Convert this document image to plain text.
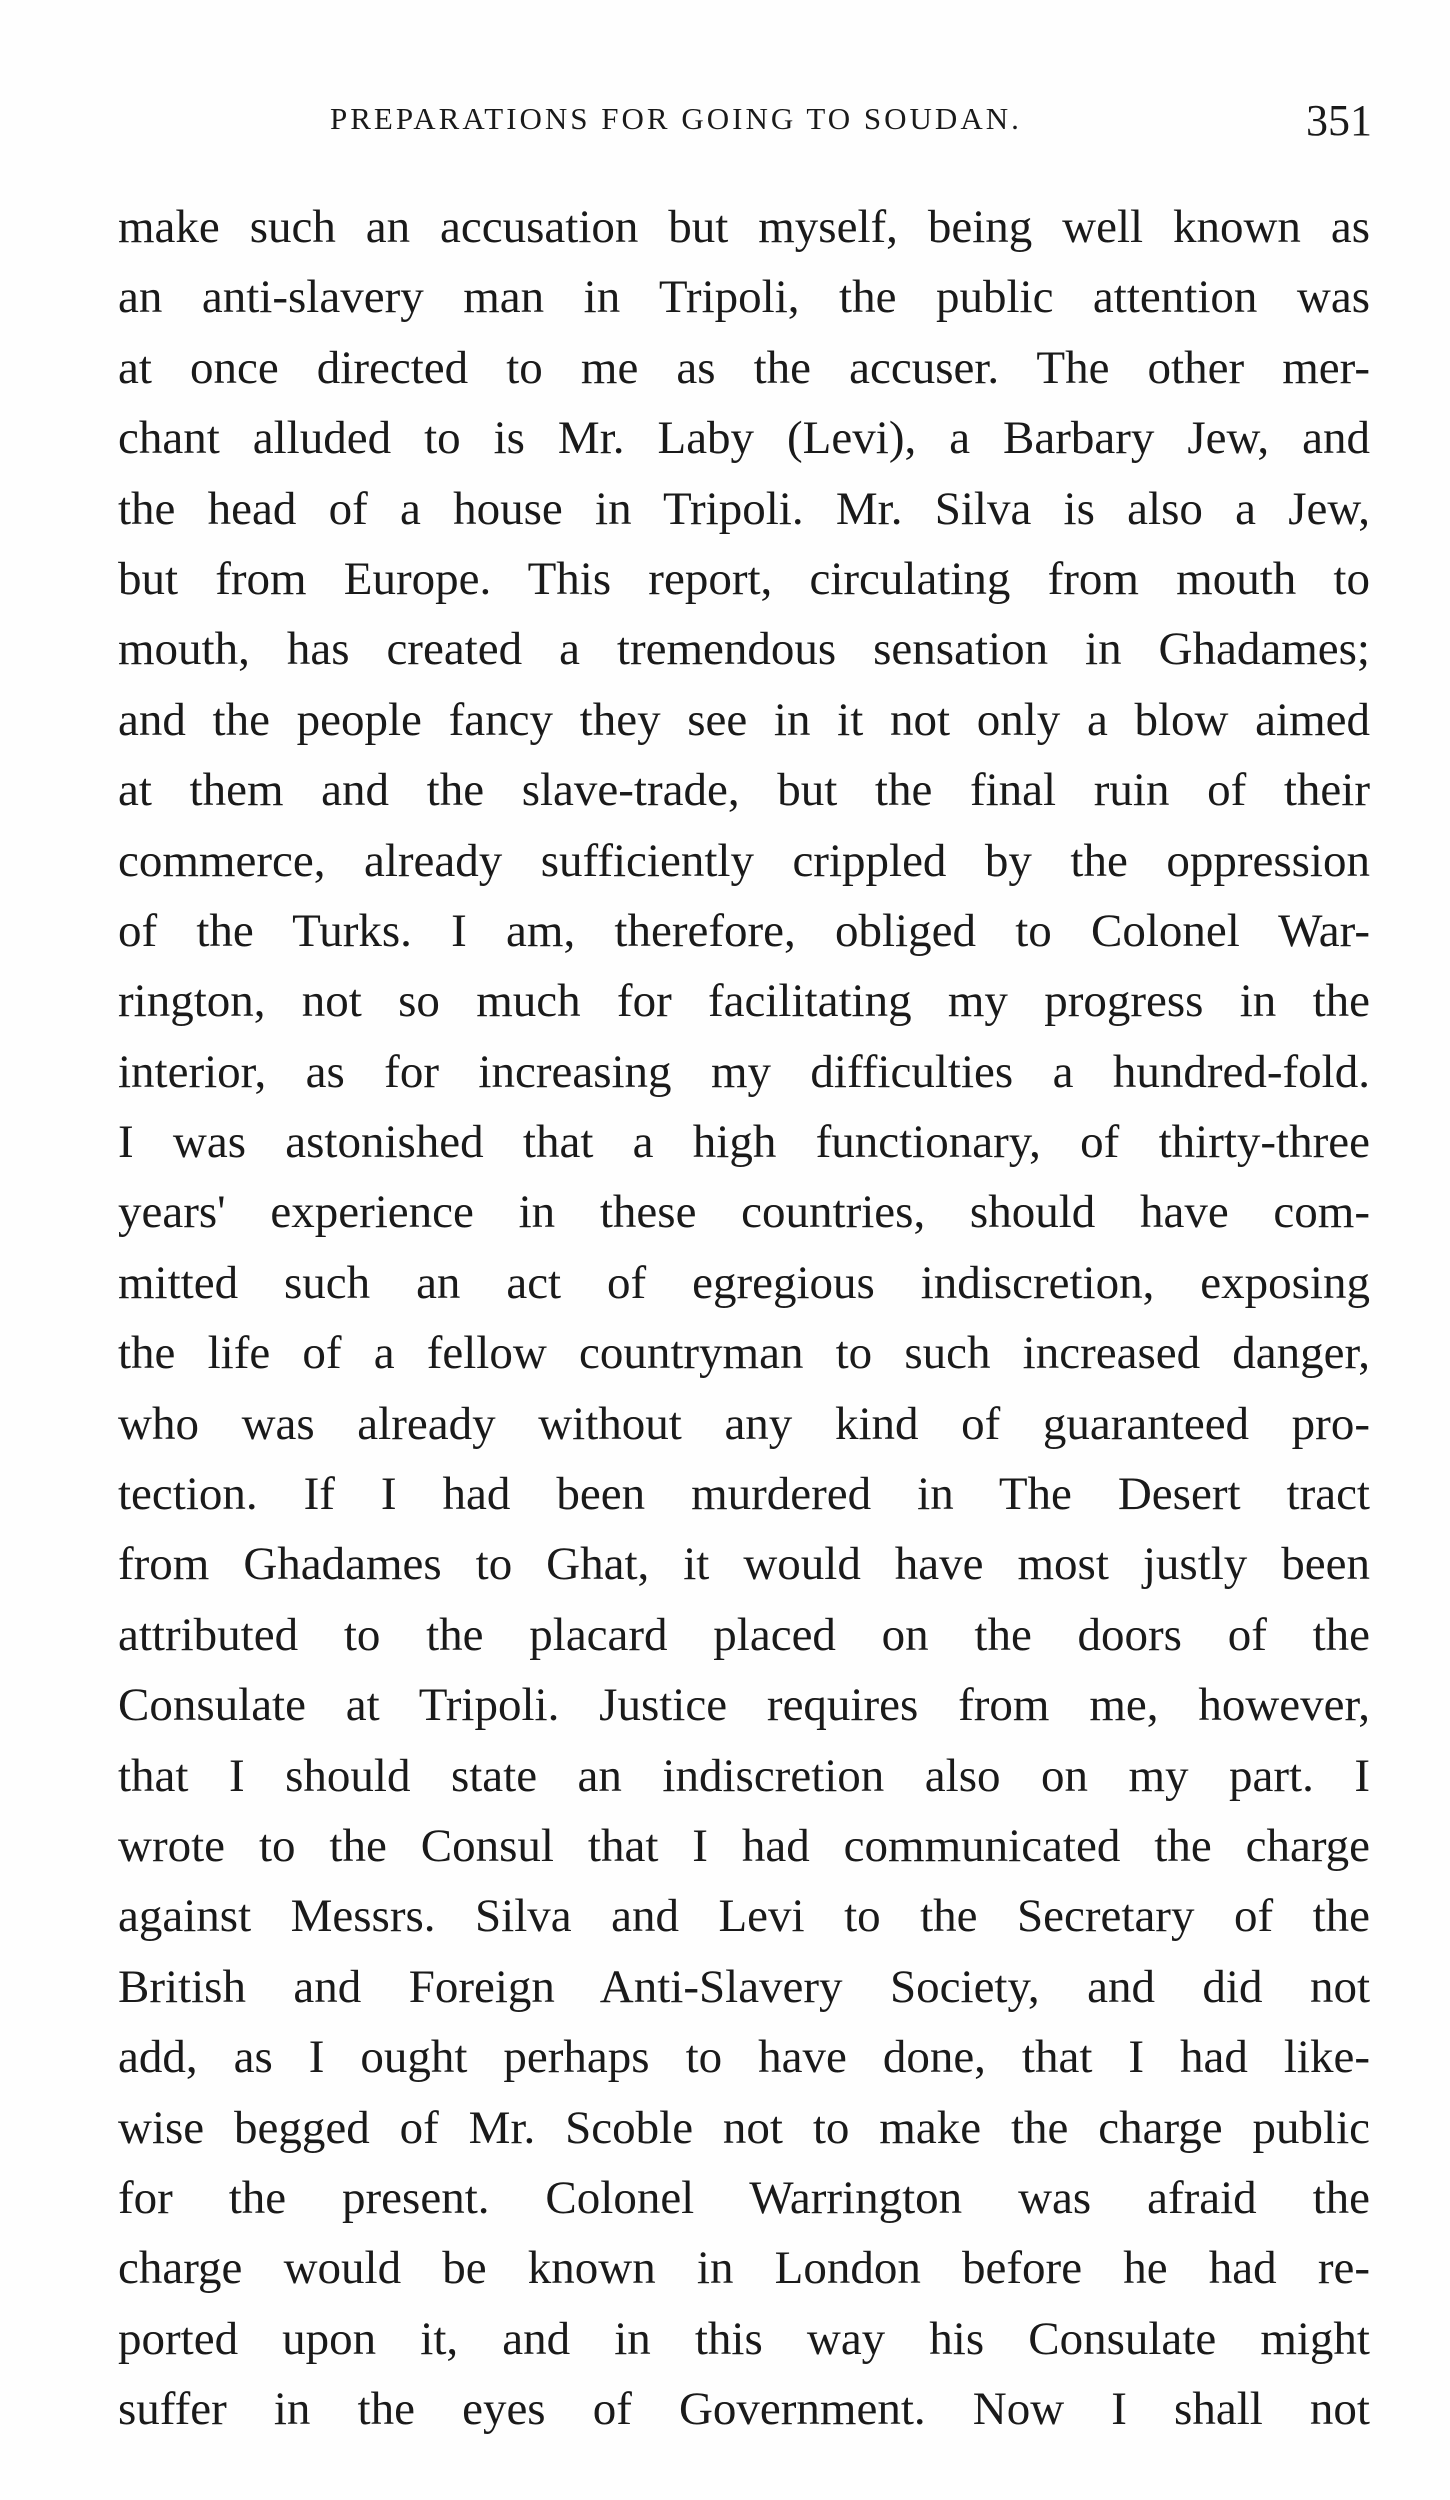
PREPARATIONS FOR GOING TO SOUDAN.	351
make such an accusation but myself, being well known as
an anti-slavery man in Tripoli, the public attention was
at once directed to me as the accuser. The other mer-
chant alluded to is Mr. Laby (Levi), a Barbary Jew, and
the head of a house in Tripoli. Mr. Silva is also a Jew,
but from Europe. This report, circulating from mouth to
mouth, has created a tremendous sensation in Ghadames;
and the people fancy they see in it not only a blow aimed
at them and the slave-trade, but the final ruin of their
commerce, already sufficiently crippled by the oppression
of the Turks. I am, therefore, obliged to Colonel War-
rington, not so much for facilitating my progress in the
interior, as for increasing my difficulties a hundred-fold.
I was astonished that a high functionary, of thirty-three
years' experience in these countries, should have com-
mitted such an act of egregious indiscretion, exposing
the life of a fellow countryman to such increased danger,
who was already without any kind of guaranteed pro-
tection. If I had been murdered in The Desert tract
from Ghadames to Ghat, it would have most justly been
attributed to the placard placed on the doors of the
Consulate at Tripoli. Justice requires from me, however,
that I should state an indiscretion also on my part. I
wrote to the Consul that I had communicated the charge
against Messrs. Silva and Levi to the Secretary of the
British and Foreign Anti-Slavery Society, and did not
add, as I ought perhaps to have done, that I had like-
wise begged of Mr. Scoble not to make the charge public
for the present. Colonel Warrington was afraid the
charge would be known in London before he had re-
ported upon it, and in this way his Consulate might
suffer in the eyes of Government. Now I shall not
